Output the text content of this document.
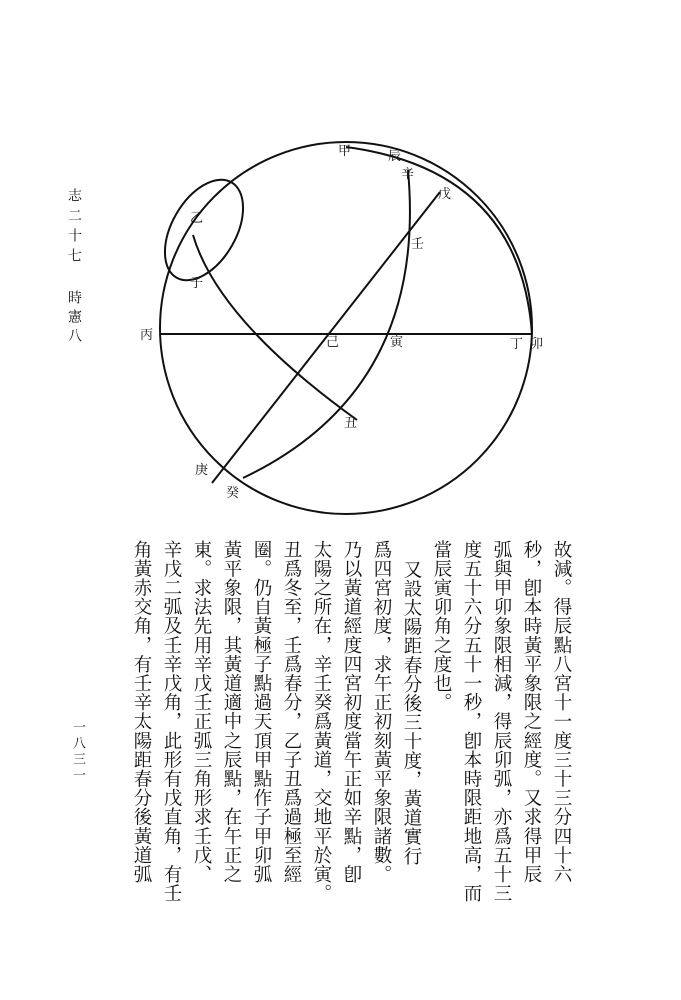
甲	辰
辛
戊
乙
壬
子
丙	己	寅	丁 卯
丑
庚
癸
志二十七
時憲八
一八三一	故減。得辰點八宮十一度三十三分四十六
秒，卽本時黃平象限之經度。又求得甲辰
弧與甲卯象限相減，得辰卯弧，亦爲五十三
度五十六分五十一秒，卽本時限距地高，而
當辰寅卯角之度也。
又設太陽距春分後三十度，黃道實行
爲四宮初度，求午正初刻黃平象限諸數。
乃以黃道經度四宮初度當午正如辛點，卽
太陽之所在，辛壬癸爲黃道，交地平於寅。
丑爲冬至，壬爲春分，乙子丑爲過極至經
圈。仍自黃極子點過天頂甲點作子甲卯弧
黃平象限，其黃道適中之辰點，在午正之
東。求法先用辛戊壬正弧三角形求壬戊、
辛戊二弧及壬辛戊角，此形有戊直角，有壬
角黃赤交角，有壬辛太陽距春分後黃道弧
